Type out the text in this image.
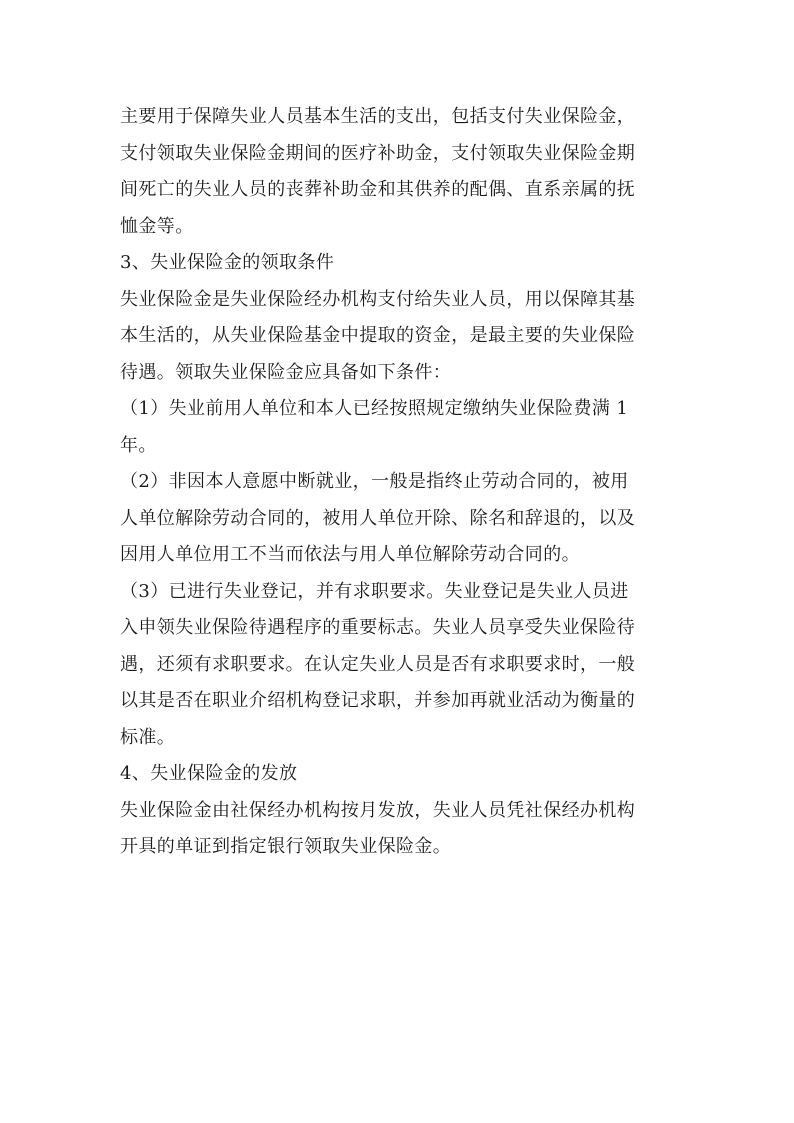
主要用于保障失业人员基本生活的支出，包括支付失业保险金，
支付领取失业保险金期间的医疗补助金，支付领取失业保险金期
间死亡的失业人员的丧葬补助金和其供养的配偶、直系亲属的抚
恤金等。
3、失业保险金的领取条件
失业保险金是失业保险经办机构支付给失业人员，用以保障其基
本生活的，从失业保险基金中提取的资金，是最主要的失业保险
待遇。领取失业保险金应具备如下条件：
（1）失业前用人单位和本人已经按照规定缴纳失业保险费满 1
年。
（2）非因本人意愿中断就业，一般是指终止劳动合同的，被用
人单位解除劳动合同的，被用人单位开除、除名和辞退的，以及
因用人单位用工不当而依法与用人单位解除劳动合同的。
（3）已进行失业登记，并有求职要求。失业登记是失业人员进
入申领失业保险待遇程序的重要标志。失业人员享受失业保险待
遇，还须有求职要求。在认定失业人员是否有求职要求时，一般
以其是否在职业介绍机构登记求职，并参加再就业活动为衡量的
标准。
4、失业保险金的发放
失业保险金由社保经办机构按月发放，失业人员凭社保经办机构
开具的单证到指定银行领取失业保险金。
